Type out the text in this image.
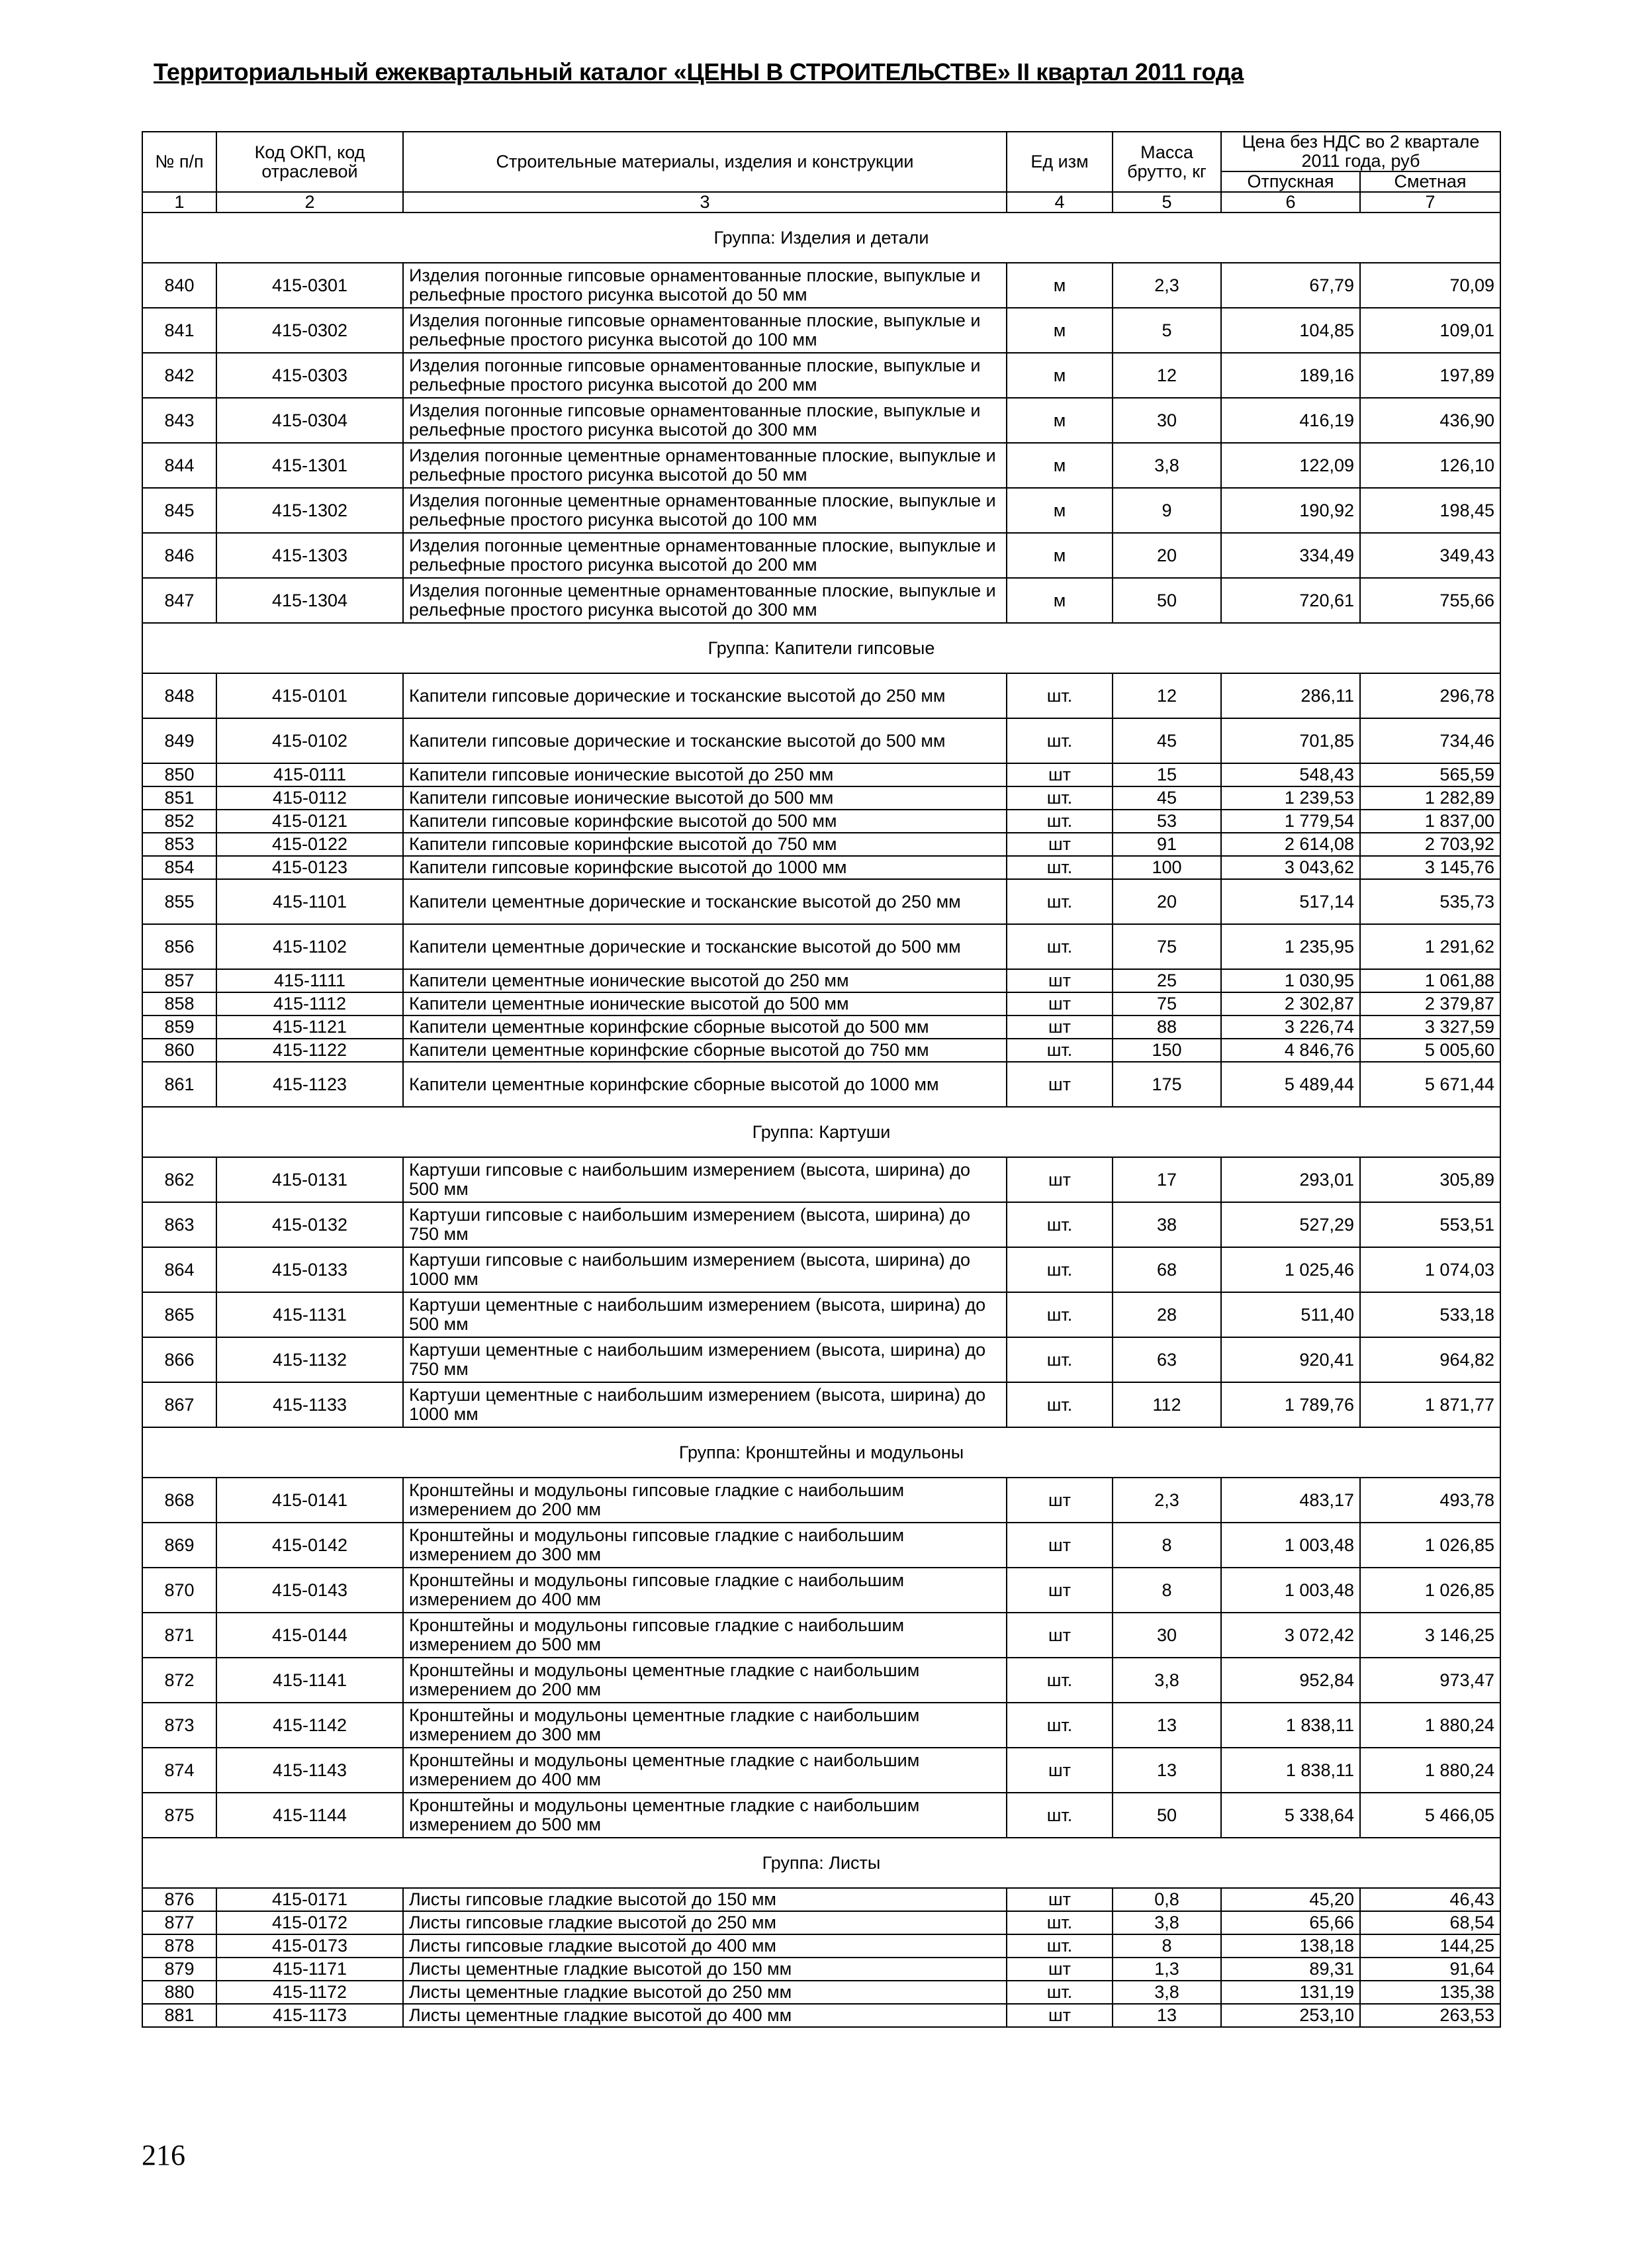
Территориальный ежеквартальный каталог «ЦЕНЫ В СТРОИТЕЛЬСТВЕ» II квартал 2011 года
№ п/п	Код ОКП, код отраслевой	Строительные материалы, изделия и конструкции	Ед изм	Масса брутто, кг	Цена без НДС во 2 квартале 2011 года, руб	
					Отпускная	Сметная
1	2	3	4	5	6	7
Группа: Изделия и детали						
840	415-0301	Изделия погонные гипсовые орнаментованные плоские, выпуклые и рельефные простого рисунка высотой до 50 мм	м	2,3	67,79	70,09
841	415-0302	Изделия погонные гипсовые орнаментованные плоские, выпуклые и рельефные простого рисунка высотой до 100 мм	м	5	104,85	109,01
842	415-0303	Изделия погонные гипсовые орнаментованные плоские, выпуклые и рельефные простого рисунка высотой до 200 мм	м	12	189,16	197,89
843	415-0304	Изделия погонные гипсовые орнаментованные плоские, выпуклые и рельефные простого рисунка высотой до 300 мм	м	30	416,19	436,90
844	415-1301	Изделия погонные цементные орнаментованные плоские, выпуклые и рельефные простого рисунка высотой до 50 мм	м	3,8	122,09	126,10
845	415-1302	Изделия погонные цементные орнаментованные плоские, выпуклые и рельефные простого рисунка высотой до 100 мм	м	9	190,92	198,45
846	415-1303	Изделия погонные цементные орнаментованные плоские, выпуклые и рельефные простого рисунка высотой до 200 мм	м	20	334,49	349,43
847	415-1304	Изделия погонные цементные орнаментованные плоские, выпуклые и рельефные простого рисунка высотой до 300 мм	м	50	720,61	755,66
Группа: Капители гипсовые						
848	415-0101	Капители гипсовые дорические и тосканские высотой до 250 мм	шт.	12	286,11	296,78
849	415-0102	Капители гипсовые дорические и тосканские высотой до 500 мм	шт.	45	701,85	734,46
850	415-0111	Капители гипсовые ионические высотой до 250 мм	шт	15	548,43	565,59
851	415-0112	Капители гипсовые ионические высотой до 500 мм	шт.	45	1 239,53	1 282,89
852	415-0121	Капители гипсовые коринфские высотой до 500 мм	шт.	53	1 779,54	1 837,00
853	415-0122	Капители гипсовые коринфские высотой до 750 мм	шт	91	2 614,08	2 703,92
854	415-0123	Капители гипсовые коринфские высотой до 1000 мм	шт.	100	3 043,62	3 145,76
855	415-1101	Капители цементные дорические и тосканские высотой до 250 мм	шт.	20	517,14	535,73
856	415-1102	Капители цементные дорические и тосканские высотой до 500 мм	шт.	75	1 235,95	1 291,62
857	415-1111	Капители цементные ионические высотой до 250 мм	шт	25	1 030,95	1 061,88
858	415-1112	Капители цементные ионические высотой до 500 мм	шт	75	2 302,87	2 379,87
859	415-1121	Капители цементные коринфские сборные высотой до 500 мм	шт	88	3 226,74	3 327,59
860	415-1122	Капители цементные коринфские сборные высотой до 750 мм	шт.	150	4 846,76	5 005,60
861	415-1123	Капители цементные коринфские сборные высотой до 1000 мм	шт	175	5 489,44	5 671,44
Группа: Картуши						
862	415-0131	Картуши гипсовые с наибольшим измерением (высота, ширина) до 500 мм	шт	17	293,01	305,89
863	415-0132	Картуши гипсовые с наибольшим измерением (высота, ширина) до 750 мм	шт.	38	527,29	553,51
864	415-0133	Картуши гипсовые с наибольшим измерением (высота, ширина) до 1000 мм	шт.	68	1 025,46	1 074,03
865	415-1131	Картуши цементные с наибольшим измерением (высота, ширина) до 500 мм	шт.	28	511,40	533,18
866	415-1132	Картуши цементные с наибольшим измерением (высота, ширина) до 750 мм	шт.	63	920,41	964,82
867	415-1133	Картуши цементные с наибольшим измерением (высота, ширина) до 1000 мм	шт.	112	1 789,76	1 871,77
Группа: Кронштейны и модульоны						
868	415-0141	Кронштейны и модульоны гипсовые гладкие с наибольшим измерением до 200 мм	шт	2,3	483,17	493,78
869	415-0142	Кронштейны и модульоны гипсовые гладкие с наибольшим измерением до 300 мм	шт	8	1 003,48	1 026,85
870	415-0143	Кронштейны и модульоны гипсовые гладкие с наибольшим измерением до 400 мм	шт	8	1 003,48	1 026,85
871	415-0144	Кронштейны и модульоны гипсовые гладкие с наибольшим измерением до 500 мм	шт	30	3 072,42	3 146,25
872	415-1141	Кронштейны и модульоны цементные гладкие с наибольшим измерением до 200 мм	шт.	3,8	952,84	973,47
873	415-1142	Кронштейны и модульоны цементные гладкие с наибольшим измерением до 300 мм	шт.	13	1 838,11	1 880,24
874	415-1143	Кронштейны и модульоны цементные гладкие с наибольшим измерением до 400 мм	шт	13	1 838,11	1 880,24
875	415-1144	Кронштейны и модульоны цементные гладкие с наибольшим измерением до 500 мм	шт.	50	5 338,64	5 466,05
Группа: Листы						
876	415-0171	Листы гипсовые гладкие высотой до 150 мм	шт	0,8	45,20	46,43
877	415-0172	Листы гипсовые гладкие высотой до 250 мм	шт.	3,8	65,66	68,54
878	415-0173	Листы гипсовые гладкие высотой до 400 мм	шт.	8	138,18	144,25
879	415-1171	Листы цементные гладкие высотой до 150 мм	шт	1,3	89,31	91,64
880	415-1172	Листы цементные гладкие высотой до 250 мм	шт.	3,8	131,19	135,38
881	415-1173	Листы цементные гладкие высотой до 400 мм	шт	13	253,10	263,53
216
